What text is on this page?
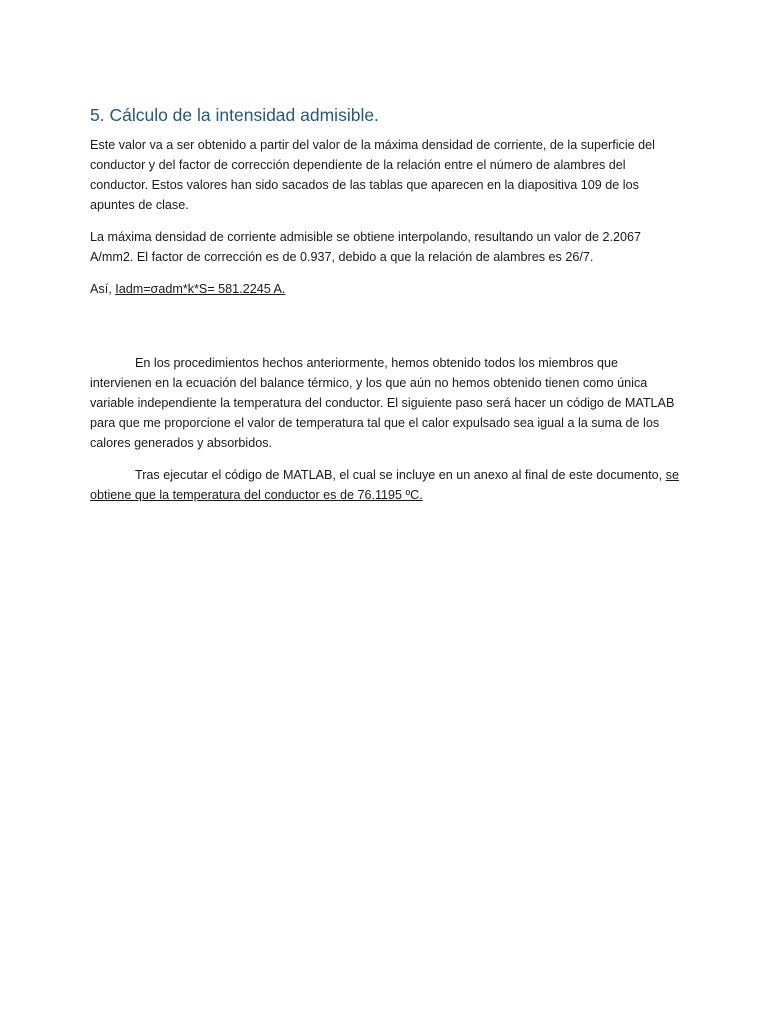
5. Cálculo de la intensidad admisible.

Este valor va a ser obtenido a partir del valor de la máxima densidad de corriente, de la superficie del conductor y del factor de corrección dependiente de la relación entre el número de alambres del conductor. Estos valores han sido sacados de las tablas que aparecen en la diapositiva 109 de los apuntes de clase.

La máxima densidad de corriente admisible se obtiene interpolando, resultando un valor de 2.2067 A/mm2. El factor de corrección es de 0.937, debido a que la relación de alambres es 26/7.

Así, Iadm=σadm*k*S= 581.2245 A.

En los procedimientos hechos anteriormente, hemos obtenido todos los miembros que intervienen en la ecuación del balance térmico, y los que aún no hemos obtenido tienen como única variable independiente la temperatura del conductor. El siguiente paso será hacer un código de MATLAB para que me proporcione el valor de temperatura tal que el calor expulsado sea igual a la suma de los calores generados y absorbidos.

Tras ejecutar el código de MATLAB, el cual se incluye en un anexo al final de este documento, se obtiene que la temperatura del conductor es de 76.1195 ºC.
